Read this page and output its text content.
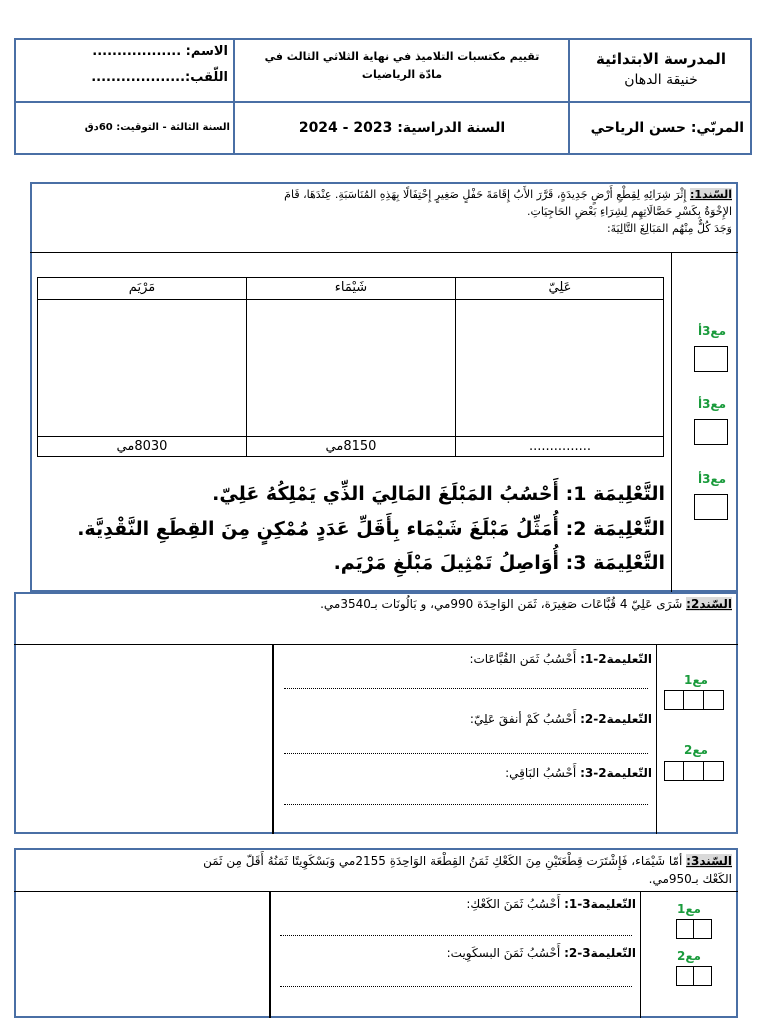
المدرسة الابتدائية
خنيقة الدهان
تقييم مكتسبات التلاميذ في نهاية الثلاثي الثالث في
مادّة الرياضيات
الاسم: ..................
اللّقب:...................
المربّي: حسن الرياحي
السنة الدراسية: 2023 - 2024
السنة الثالثة - التوقيت: 60دق
السّند1: إِثْرَ شِرَائِهِ لِقِطْعِ أَرْضٍ جَدِيدَةٍ، قَرَّرَ الأَبُ إِقَامَةَ حَفْلٍ صَغِيرٍ إِحْتِفَالًا بِهَذِهِ المُنَاسَبَةِ. عِنْدَهَا، قَامَ
الإِخْوَةُ بِكَسْرِ حَصَّالَاتِهِم لِشِرَاءِ بَعْضِ الحَاجِيَاتِ.
وَجَدَ كُلٌّ مِنْهُم المَبَالِغَ التَّالِيَةَ:
عَلِيّ
شَيْمَاء
مَرْيَم
...............
8150مي
8030مي
مع3أ
مع3أ
مع3أ
التَّعْلِيمَة 1: أَحْسُبُ المَبْلَغَ المَالِيَ الذِّي يَمْلِكُهُ عَلِيّ.
التَّعْلِيمَة 2: أُمَثِّلُ مَبْلَغَ شَيْمَاء بِأَقَلِّ عَدَدٍ مُمْكِنٍ مِنَ القِطَعِ النَّقْدِيَّة.
التَّعْلِيمَة 3: أُوَاصِلُ تَمْثِيلَ مَبْلَغِ مَرْيَم.
السّند2: شَرَى عَلِيّ 4 قُبَّاعَات صَغِيرَة، ثَمَن الوَاحِدَة 990مي، و بَالُونَات بـ3540مي.
التّعليمة2-1: أَحْسُبُ ثَمَن القُبَّاعَات:
التّعليمة2-2: أَحْسُبُ كَمْ أنفقَ عَلِيّ:
التّعليمة2-3: أَحْسُبُ البَاقِي:
مع1
مع2
السّند3: أمّا شَيْمَاء، فَإِشْتَرَت قِطْعَتَيْنِ مِنَ الكَعْكِ ثَمَنُ القِطْعَة الوَاحِدَةِ 2155مي وَبَسْكَوِيتًا ثَمَنُهُ أَقَلّ مِن ثَمَن
الكَعْك بـ950مي.
التّعليمة3-1: أَحْسُبُ ثَمَنَ الكَعْكِ:
التّعليمة3-2: أَحْسُبُ ثَمَنَ البسكَوِيت:
مع1
مع2
